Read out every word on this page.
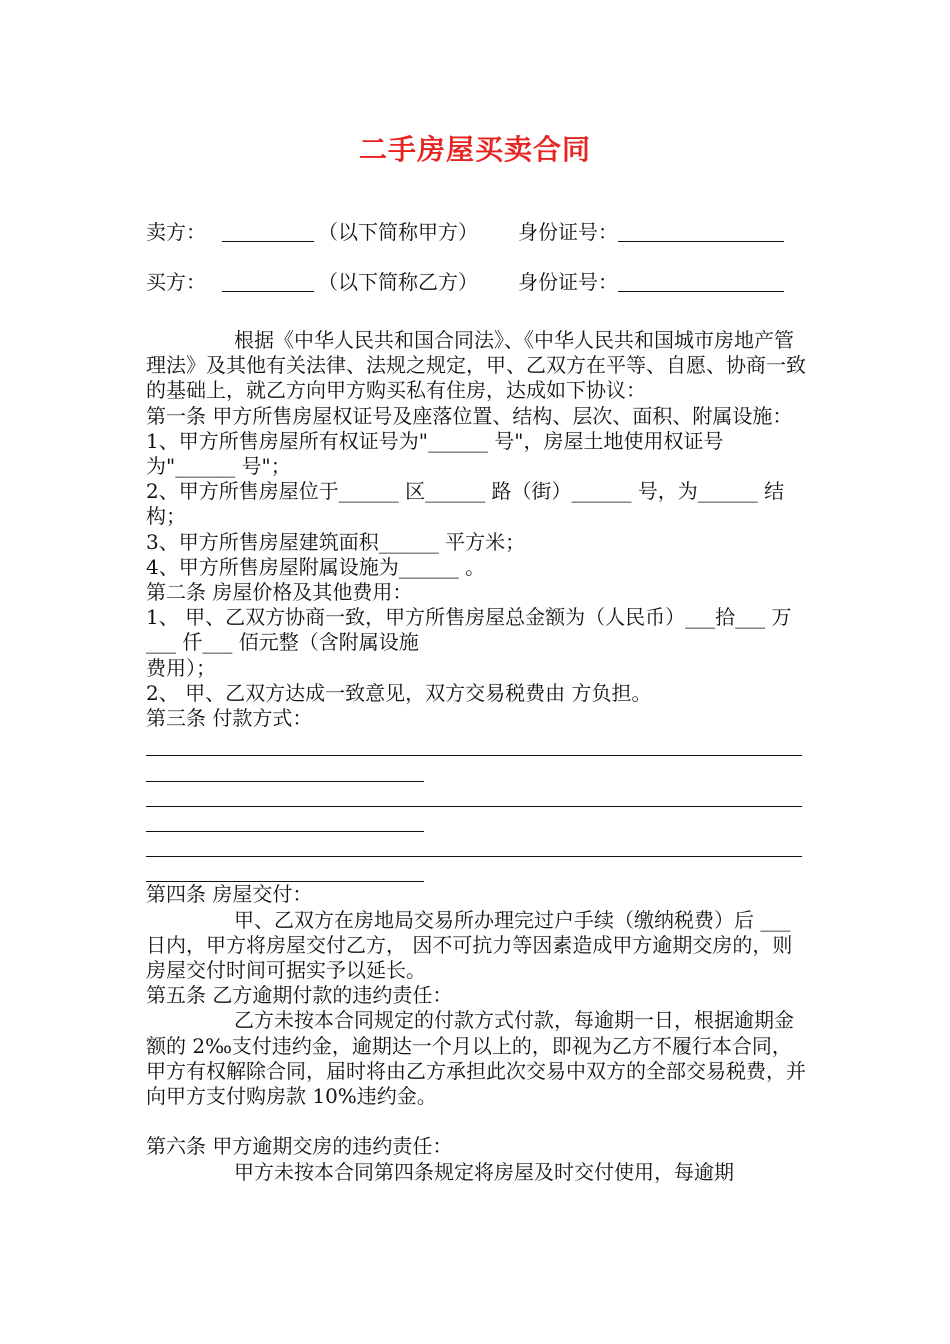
二手房屋买卖合同
卖方：	（以下简称甲方） 身份证号：
买方：	（以下简称乙方） 身份证号：

根据《中华人民共和国合同法》、《中华人民共和国城市房地产管理法》及其他有关法律、法规之规定，甲、乙双方在平等、自愿、协商一致的基础上，就乙方向甲方购买私有住房，达成如下协议：

第一条 甲方所售房屋权证号及座落位置、结构、层次、面积、附属设施：

1、甲方所售房屋所有权证号为"______ 号"，房屋土地使用权证号为"______ 号"；

2、甲方所售房屋位于______ 区______ 路（街）______ 号，为______ 结构；

3、甲方所售房屋建筑面积______ 平方米；

4、甲方所售房屋附属设施为______ 。

第二条 房屋价格及其他费用：

1、 甲、乙双方协商一致，甲方所售房屋总金额为（人民币）___拾___ 万___ 仟___ 佰元整（含附属设施

费用）；

2、 甲、乙双方达成一致意见，双方交易税费由 方负担。

第三条 付款方式：

第四条 房屋交付：

甲、乙双方在房地局交易所办理完过户手续（缴纳税费）后 ___ 日内，甲方将房屋交付乙方， 因不可抗力等因素造成甲方逾期交房的，则房屋交付时间可据实予以延长。

第五条 乙方逾期付款的违约责任：

乙方未按本合同规定的付款方式付款，每逾期一日，根据逾期金额的 2‰支付违约金，逾期达一个月以上的，即视为乙方不履行本合同，甲方有权解除合同，届时将由乙方承担此次交易中双方的全部交易税费，并向甲方支付购房款 10%违约金。

第六条 甲方逾期交房的违约责任：

甲方未按本合同第四条规定将房屋及时交付使用，每逾期
